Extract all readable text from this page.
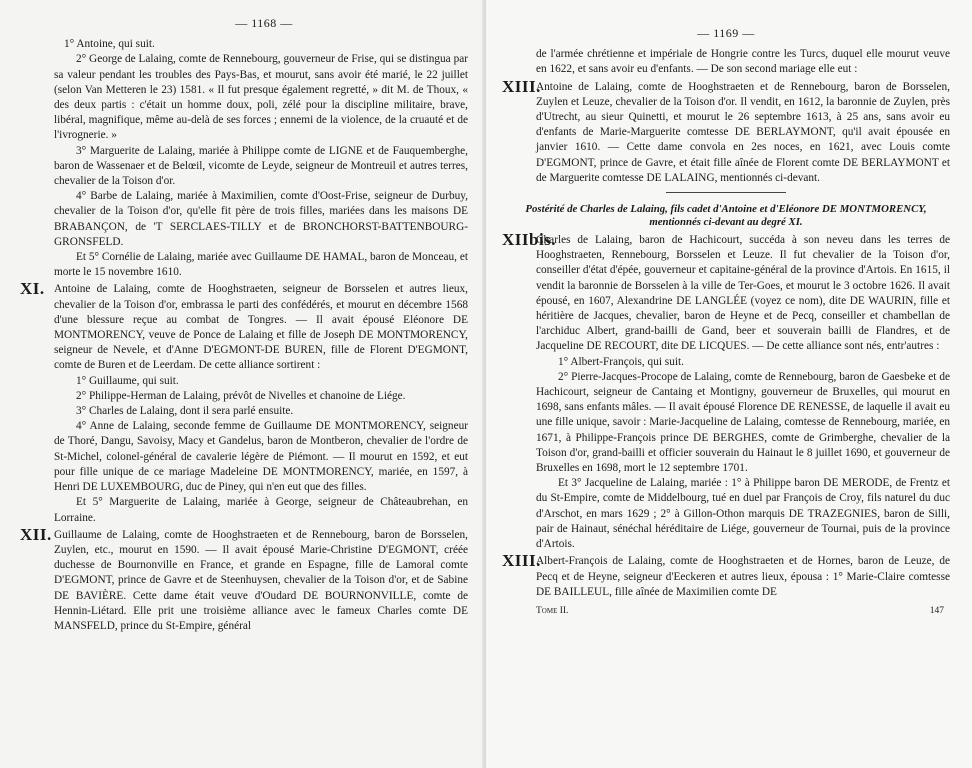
— 1168 —

1° Antoine, qui suit.

2° George de Lalaing, comte de Rennebourg, gouverneur de Frise, qui se distingua par sa valeur pendant les troubles des Pays-Bas, et mourut, sans avoir été marié, le 22 juillet (selon Van Metteren le 23) 1581. « Il fut presque également regretté, » dit M. de Thoux, « des deux partis : c'était un homme doux, poli, zélé pour la discipline militaire, brave, libéral, magnifique, même au-delà de ses forces ; ennemi de la violence, de la cruauté et de l'ivrognerie. »

3° Marguerite de Lalaing, mariée à Philippe comte de LIGNE et de Fauquemberghe, baron de Wassenaer et de Belœil, vicomte de Leyde, seigneur de Montreuil et autres terres, chevalier de la Toison d'or.

4° Barbe de Lalaing, mariée à Maximilien, comte d'Oost-Frise, seigneur de Durbuy, chevalier de la Toison d'or, qu'elle fit père de trois filles, mariées dans les maisons DE BRABANÇON, de 'T SERCLAES-TILLY et de BRONCHORST-BATTENBOURG-GRONSFELD.

Et 5° Cornélie de Lalaing, mariée avec Guillaume DE HAMAL, baron de Monceau, et morte le 15 novembre 1610.

XI. Antoine de Lalaing, comte de Hooghstraeten, seigneur de Borsselen et autres lieux, chevalier de la Toison d'or, embrassa le parti des confédérés, et mourut en décembre 1568 d'une blessure reçue au combat de Tongres. — Il avait épousé Eléonore DE MONTMORENCY, veuve de Ponce de Lalaing et fille de Joseph DE MONTMORENCY, seigneur de Nevele, et d'Anne D'EGMONT-DE BUREN, fille de Florent D'EGMONT, comte de Buren et de Leerdam. De cette alliance sortirent :

1° Guillaume, qui suit.

2° Philippe-Herman de Lalaing, prévôt de Nivelles et chanoine de Liége.

3° Charles de Lalaing, dont il sera parlé ensuite.

4° Anne de Lalaing, seconde femme de Guillaume DE MONTMORENCY, seigneur de Thoré, Dangu, Savoisy, Macy et Gandelus, baron de Montberon, chevalier de l'ordre de St-Michel, colonel-général de cavalerie légère de Piémont. — Il mourut en 1592, et eut pour fille unique de ce mariage Madeleine DE MONTMORENCY, mariée, en 1597, à Henri DE LUXEMBOURG, duc de Piney, qui n'en eut que des filles.

Et 5° Marguerite de Lalaing, mariée à George, seigneur de Châteaubrehan, en Lorraine.

XII. Guillaume de Lalaing, comte de Hooghstraeten et de Rennebourg, baron de Borsselen, Zuylen, etc., mourut en 1590. — Il avait épousé Marie-Christine D'EGMONT, créée duchesse de Bournonville en France, et grande en Espagne, fille de Lamoral comte D'EGMONT, prince de Gavre et de Steenhuysen, chevalier de la Toison d'or, et de Sabine DE BAVIÈRE. Cette dame était veuve d'Oudard DE BOURNONVILLE, comte de Hennin-Liétard. Elle prit une troisième alliance avec le fameux Charles comte DE MANSFELD, prince du St-Empire, général

— 1169 —

de l'armée chrétienne et impériale de Hongrie contre les Turcs, duquel elle mourut veuve en 1622, et sans avoir eu d'enfants. — De son second mariage elle eut :

XIII.

Antoine de Lalaing, comte de Hooghstraeten et de Rennebourg, baron de Borsselen, Zuylen et Leuze, chevalier de la Toison d'or. Il vendit, en 1612, la baronnie de Zuylen, près d'Utrecht, au sieur Quinetti, et mourut le 26 septembre 1613, à 25 ans, sans avoir eu d'enfants de Marie-Marguerite comtesse DE BERLAYMONT, qu'il avait épousée en janvier 1610. — Cette dame convola en 2es noces, en 1621, avec Louis comte D'EGMONT, prince de Gavre, et était fille aînée de Florent comte DE BERLAYMONT et de Marguerite comtesse DE LALAING, mentionnés ci-devant.

Postérité de Charles de Lalaing, fils cadet d'Antoine et d'Eléonore DE MONTMORENCY, mentionnés ci-devant au degré XI.
XIIbis.

Charles de Lalaing, baron de Hachicourt, succéda à son neveu dans les terres de Hooghstraeten, Rennebourg, Borsselen et Leuze. Il fut chevalier de la Toison d'or, conseiller d'état d'épée, gouverneur et capitaine-général de la province d'Artois. En 1615, il vendit la baronnie de Borsselen à la ville de Ter-Goes, et mourut le 3 octobre 1626. Il avait épousé, en 1607, Alexandrine DE LANGLÉE (voyez ce nom), dite DE WAURIN, fille et héritière de Jacques, chevalier, baron de Heyne et de Pecq, conseiller et chambellan de l'archiduc Albert, grand-bailli de Gand, beer et souverain bailli de Flandres, et de Jacqueline DE RECOURT, dite DE LICQUES. — De cette alliance sont nés, entr'autres :

1° Albert-François, qui suit.

2° Pierre-Jacques-Procope de Lalaing, comte de Rennebourg, baron de Gaesbeke et de Hachicourt, seigneur de Cantaing et Montigny, gouverneur de Bruxelles, qui mourut en 1698, sans enfants mâles. — Il avait épousé Florence DE RENESSE, de laquelle il avait eu une fille unique, savoir : Marie-Jacqueline de Lalaing, comtesse de Rennebourg, mariée, en 1671, à Philippe-François prince DE BERGHES, comte de Grimberghe, chevalier de la Toison d'or, grand-bailli et officier souverain du Hainaut le 8 juillet 1690, et gouverneur de Bruxelles en 1698, mort le 12 septembre 1701.

Et 3° Jacqueline de Lalaing, mariée : 1° à Philippe baron DE MERODE, de Frentz et du St-Empire, comte de Middelbourg, tué en duel par François de Croy, fils naturel du duc d'Arschot, en mars 1629 ; 2° à Gillon-Othon marquis DE TRAZEGNIES, baron de Silli, pair de Hainaut, sénéchal héréditaire de Liége, gouverneur de Tournai, puis de la province d'Artois.

XIII.

Albert-François de Lalaing, comte de Hooghstraeten et de Hornes, baron de Leuze, de Pecq et de Heyne, seigneur d'Eeckeren et autres lieux, épousa : 1° Marie-Claire comtesse DE BAILLEUL, fille aînée de Maximilien comte DE

Tome II.	147
